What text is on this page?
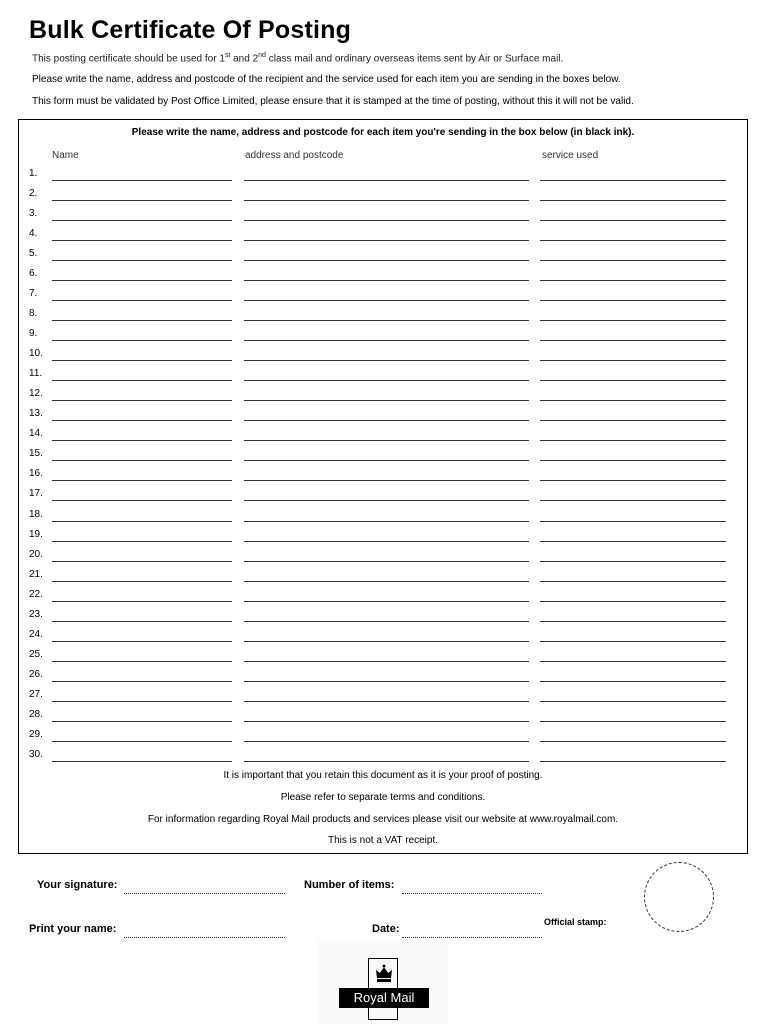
Bulk Certificate Of Posting
This posting certificate should be used for 1st and 2nd class mail and ordinary overseas items sent by Air or Surface mail.
Please write the name, address and postcode of the recipient and the service used for each item you are sending in the boxes below.
This form must be validated by Post Office Limited, please ensure that it is stamped at the time of posting, without this it will not be valid.
Please write the name, address and postcode for each item you're sending in the box below (in black ink).
Name	address and postcode	service used
1.
2.
3.
4.
5.
6.
7.
8.
9.
10.
11.
12.
13.
14.
15.
16.
17.
18.
19.
20.
21.
22.
23.
24.
25.
26.
27.
28.
29.
30.
It is important that you retain this document as it is your proof of posting.
Please refer to separate terms and conditions.
For information regarding Royal Mail products and services please visit our website at www.royalmail.com.
This is not a VAT receipt.
Your signature:	Number of items:
Print your name:	Date:
Official stamp:
Royal Mail
